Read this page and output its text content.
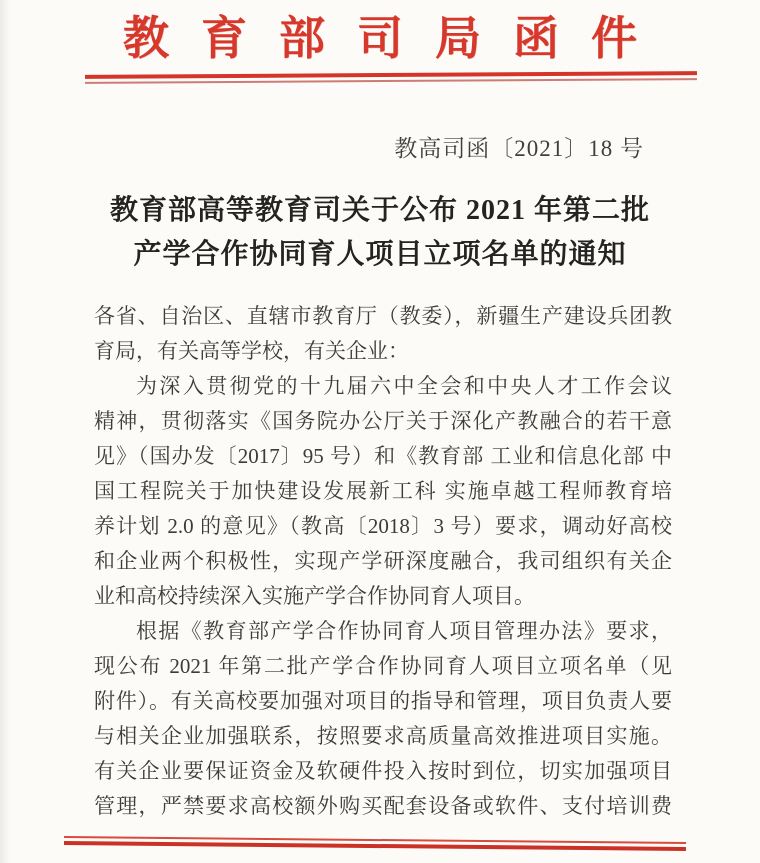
教育部司局函件
教高司函〔2021〕18 号
教育部高等教育司关于公布 2021 年第二批
产学合作协同育人项目立项名单的通知
各省、自治区、直辖市教育厅（教委），新疆生产建设兵团教
育局，有关高等学校，有关企业：
为深入贯彻党的十九届六中全会和中央人才工作会议
精神，贯彻落实《国务院办公厅关于深化产教融合的若干意
见》（国办发〔2017〕95 号）和《教育部 工业和信息化部 中
国工程院关于加快建设发展新工科 实施卓越工程师教育培
养计划 2.0 的意见》（教高〔2018〕3 号）要求，调动好高校
和企业两个积极性，实现产学研深度融合，我司组织有关企
业和高校持续深入实施产学合作协同育人项目。
根据《教育部产学合作协同育人项目管理办法》要求，
现公布 2021 年第二批产学合作协同育人项目立项名单（见
附件）。有关高校要加强对项目的指导和管理，项目负责人要
与相关企业加强联系，按照要求高质量高效推进项目实施。
有关企业要保证资金及软硬件投入按时到位，切实加强项目
管理，严禁要求高校额外购买配套设备或软件、支付培训费
